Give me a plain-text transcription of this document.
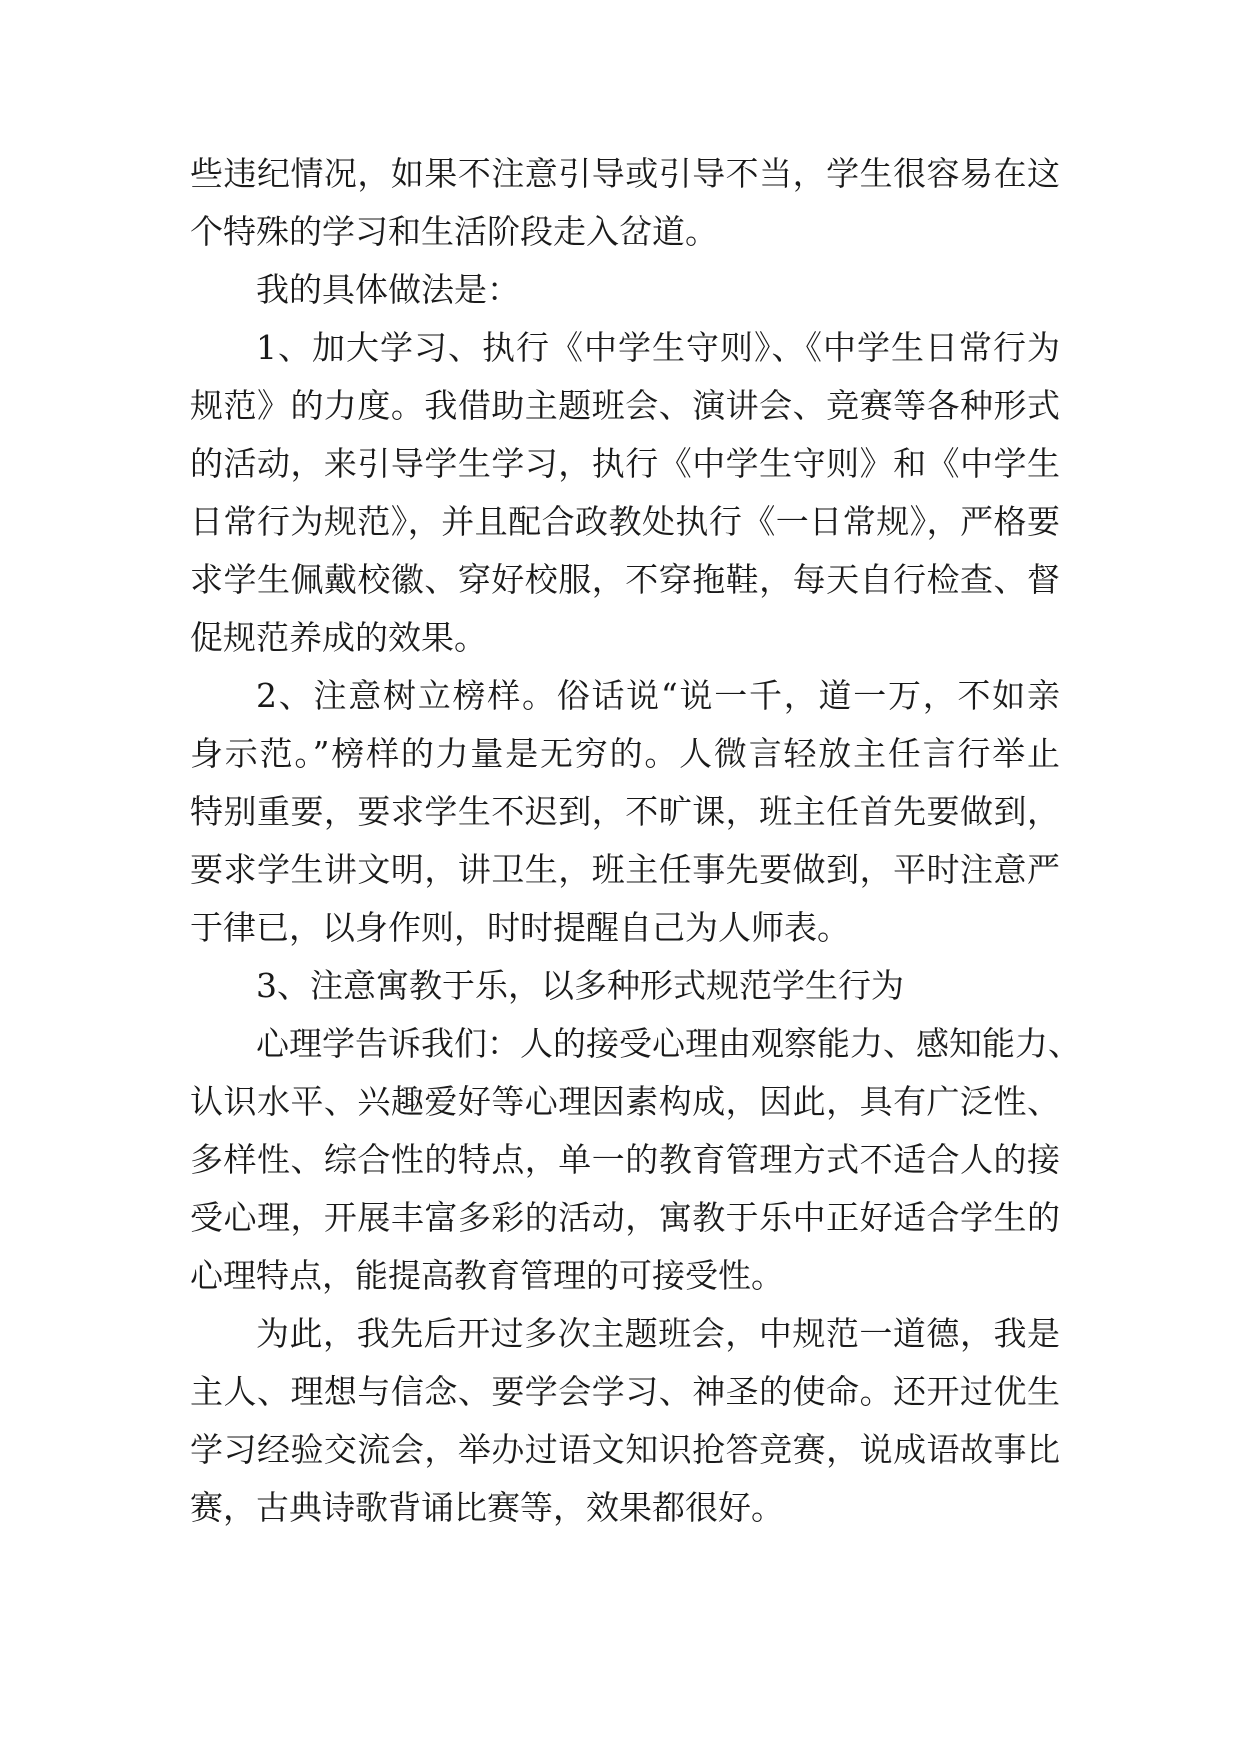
些违纪情况，如果不注意引导或引导不当，学生很容易在这
个特殊的学习和生活阶段走入岔道。
我的具体做法是：
1、加大学习、执行《中学生守则》、《中学生日常行为
规范》的力度。我借助主题班会、演讲会、竞赛等各种形式
的活动，来引导学生学习，执行《中学生守则》和《中学生
日常行为规范》，并且配合政教处执行《一日常规》，严格要
求学生佩戴校徽、穿好校服，不穿拖鞋，每天自行检查、督
促规范养成的效果。
2、注意树立榜样。俗话说“说一千，道一万，不如亲
身示范。”榜样的力量是无穷的。人微言轻放主任言行举止
特别重要，要求学生不迟到，不旷课，班主任首先要做到，
要求学生讲文明，讲卫生，班主任事先要做到，平时注意严
于律已，以身作则，时时提醒自己为人师表。
3、注意寓教于乐，以多种形式规范学生行为
心理学告诉我们：人的接受心理由观察能力、感知能力、
认识水平、兴趣爱好等心理因素构成，因此，具有广泛性、
多样性、综合性的特点，单一的教育管理方式不适合人的接
受心理，开展丰富多彩的活动，寓教于乐中正好适合学生的
心理特点，能提高教育管理的可接受性。
为此，我先后开过多次主题班会，中规范一道德，我是
主人、理想与信念、要学会学习、神圣的使命。还开过优生
学习经验交流会，举办过语文知识抢答竞赛，说成语故事比
赛，古典诗歌背诵比赛等，效果都很好。
